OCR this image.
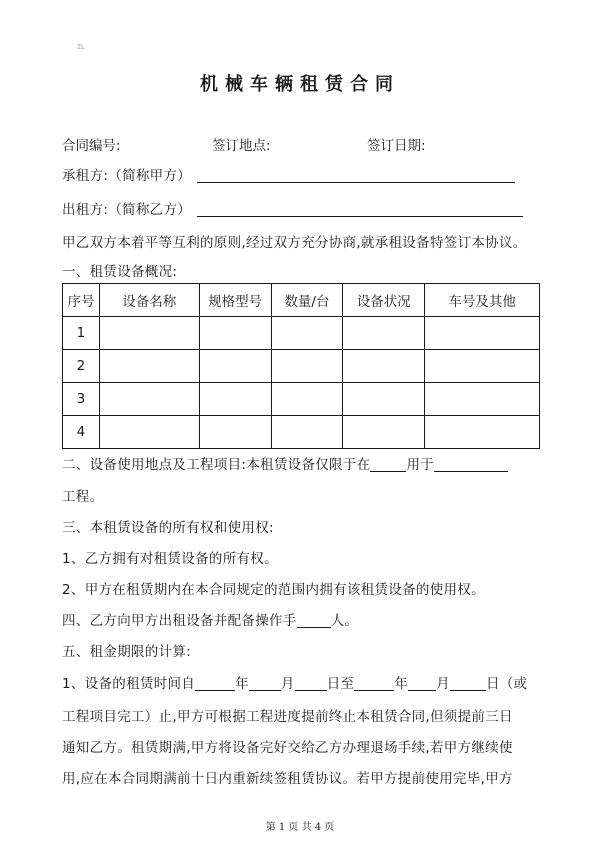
ZL
机械车辆租赁合同
合同编号:	签订地点:	签订日期:
承租方:（简称甲方）
出租方:（简称乙方）
甲乙双方本着平等互利的原则,经过双方充分协商,就承租设备特签订本协议。
一、租赁设备概况:
序号	设备名称	规格型号	数量/台	设备状况	车号及其他
1					
2					
3					
4					
二、设备使用地点及工程项目:本租赁设备仅限于在	用于
工程。
三、本租赁设备的所有权和使用权:
1、乙方拥有对租赁设备的所有权。
2、甲方在租赁期内在本合同规定的范围内拥有该租赁设备的使用权。
四、乙方向甲方出租设备并配备操作手	人。
五、租金期限的计算:
1、设备的租赁时间自	年 月 日至	年 月	日（或
工程项目完工）止,甲方可根据工程进度提前终止本租赁合同,但须提前三日
通知乙方。租赁期满,甲方将设备完好交给乙方办理退场手续,若甲方继续使
用,应在本合同期满前十日内重新续签租赁协议。若甲方提前使用完毕,甲方
第 1 页 共 4 页
